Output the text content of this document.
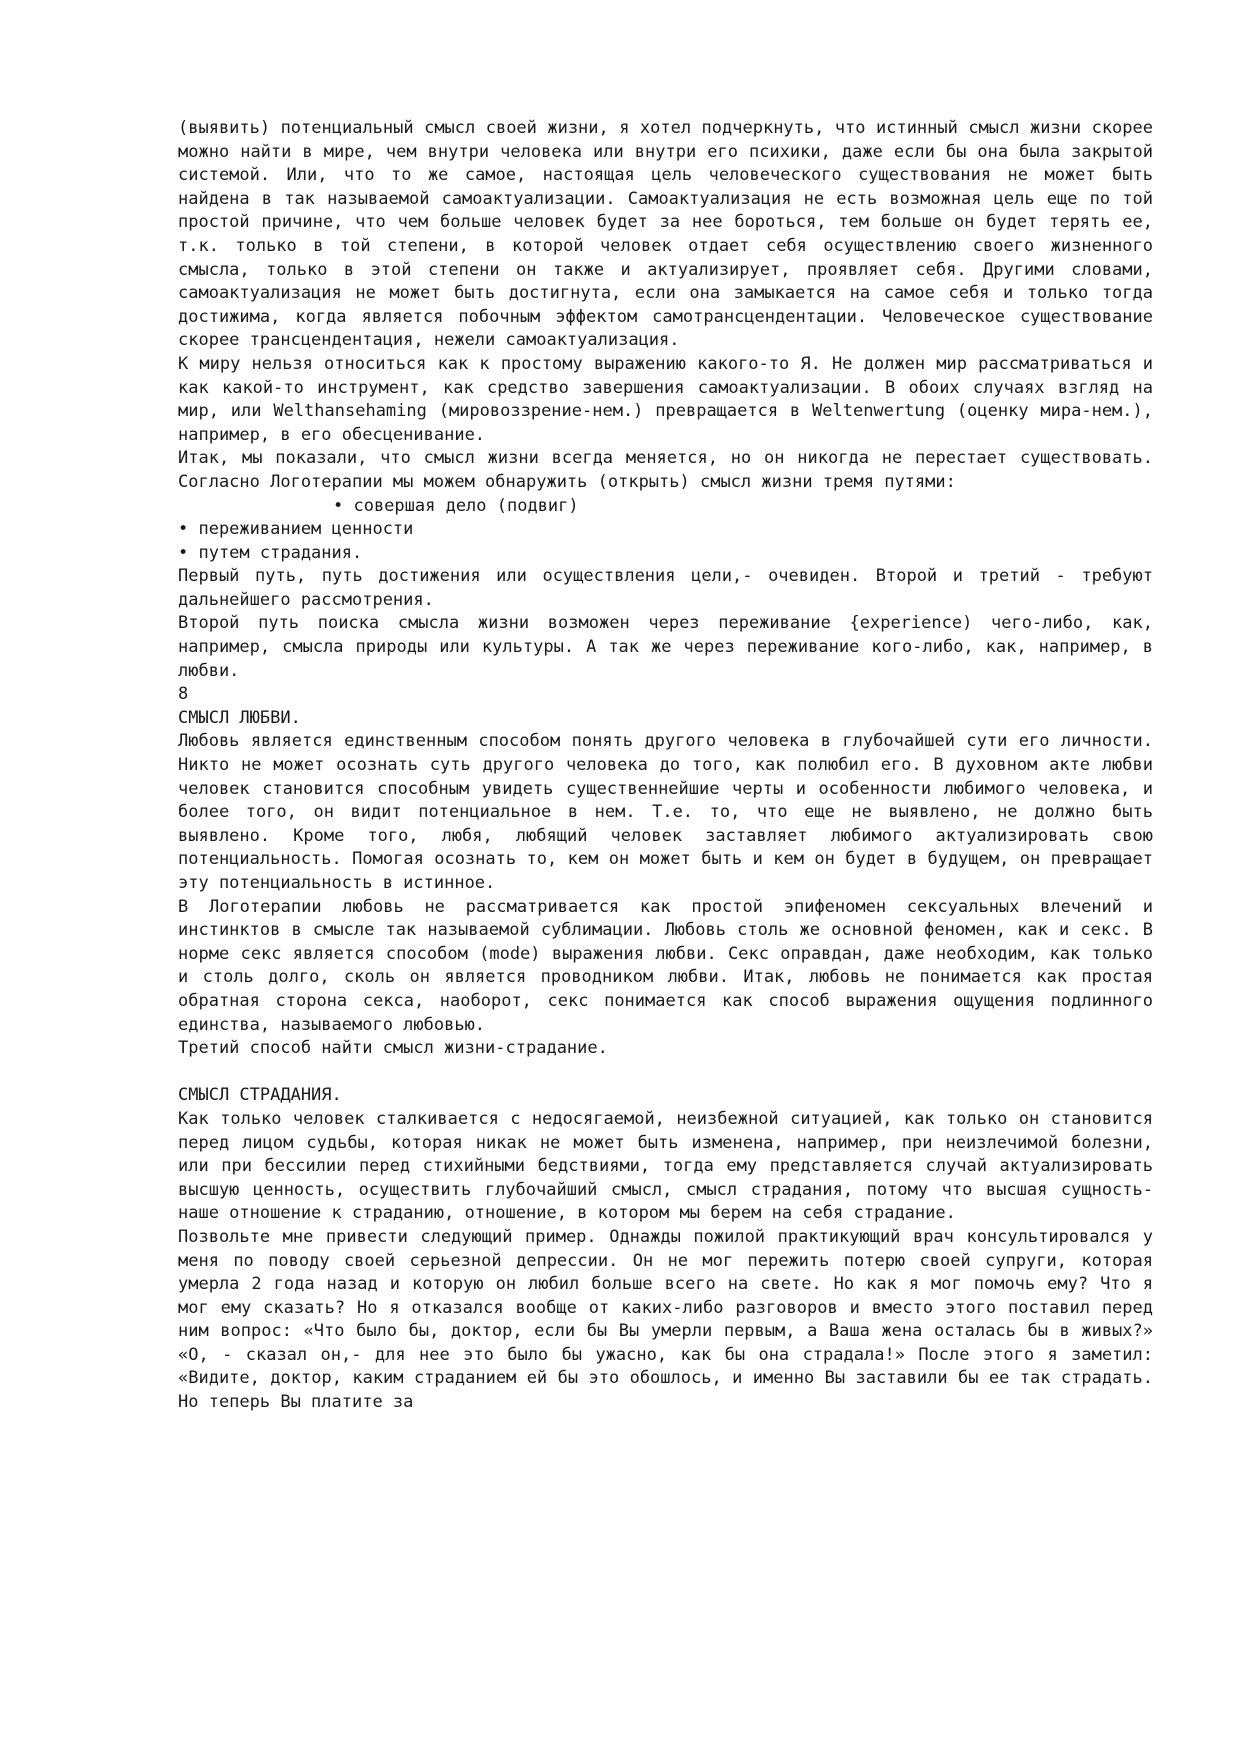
(выявить) потенциальный смысл своей жизни, я хотел подчеркнуть, что истинный смысл жизни скорее можно найти в мире, чем внутри человека или внутри его психики, даже если бы она была закрытой системой. Или, что то же самое, настоящая цель человеческого существования не может быть найдена в так называемой самоактуализации. Самоактуализация не есть возможная цель еще по той простой причине, что чем больше человек будет за нее бороться, тем больше он будет терять ее, т.к. только в той степени, в которой человек отдает себя осуществлению своего жизненного смысла, только в этой степени он также и актуализирует, проявляет себя. Другими словами, самоактуализация не может быть достигнута, если она замыкается на самое себя и только тогда достижима, когда является побочным эффектом самотрансцендентации. Человеческое существование скорее трансцендентация, нежели самоактуализация.

К миру нельзя относиться как к простому выражению какого-то Я. Не должен мир рассматриваться и как какой-то инструмент, как средство завершения самоактуализации. В обоих случаях взгляд на мир, или Welthansehaming (мировоззрение-нем.) превращается в Weltenwertung (оценку мира-нем.), например, в его обесценивание.

Итак, мы показали, что смысл жизни всегда меняется, но он никогда не перестает существовать. Согласно Логотерапии мы можем обнаружить (открыть) смысл жизни тремя путями:

• совершая дело (подвиг)

• переживанием ценности

• путем страдания.

Первый путь, путь достижения или осуществления цели,- очевиден. Второй и третий - требуют дальнейшего рассмотрения.

Второй путь поиска смысла жизни возможен через переживание {experience) чего-либо, как, например, смысла природы или культуры. А так же через переживание кого-либо, как, например, в любви.

8

СМЫСЛ ЛЮБВИ.

Любовь является единственным способом понять другого человека в глубочайшей сути его личности. Никто не может осознать суть другого человека до того, как полюбил его. В духовном акте любви человек становится способным увидеть существеннейшие черты и особенности любимого человека, и более того, он видит потенциальное в нем. Т.е. то, что еще не выявлено, не должно быть выявлено. Кроме того, любя, любящий человек заставляет любимого актуализировать свою потенциальность. Помогая осознать то, кем он может быть и кем он будет в будущем, он превращает эту потенциальность в истинное.

В Логотерапии любовь не рассматривается как простой эпифеномен сексуальных влечений и инстинктов в смысле так называемой сублимации. Любовь столь же основной феномен, как и секс. В норме секс является способом (mode) выражения любви. Секс оправдан, даже необходим, как только и столь долго, сколь он является проводником любви. Итак, любовь не понимается как простая обратная сторона секса, наоборот, секс понимается как способ выражения ощущения подлинного единства, называемого любовью.

Третий способ найти смысл жизни-страдание.

СМЫСЛ СТРАДАНИЯ.

Как только человек сталкивается с недосягаемой, неизбежной ситуацией, как только он становится перед лицом судьбы, которая никак не может быть изменена, например, при неизлечимой болезни, или при бессилии перед стихийными бедствиями, тогда ему представляется случай актуализировать высшую ценность, осуществить глубочайший смысл, смысл страдания, потому что высшая сущность-наше отношение к страданию, отношение, в котором мы берем на себя страдание.

Позвольте мне привести следующий пример. Однажды пожилой практикующий врач консультировался у меня по поводу своей серьезной депрессии. Он не мог пережить потерю своей супруги, которая умерла 2 года назад и которую он любил больше всего на свете. Но как я мог помочь ему? Что я мог ему сказать? Но я отказался вообще от каких-либо разговоров и вместо этого поставил перед ним вопрос: «Что было бы, доктор, если бы Вы умерли первым, а Ваша жена осталась бы в живых?» «О, - сказал он,- для нее это было бы ужасно, как бы она страдала!» После этого я заметил: «Видите, доктор, каким страданием ей бы это обошлось, и именно Вы заставили бы ее так страдать. Но теперь Вы платите за
